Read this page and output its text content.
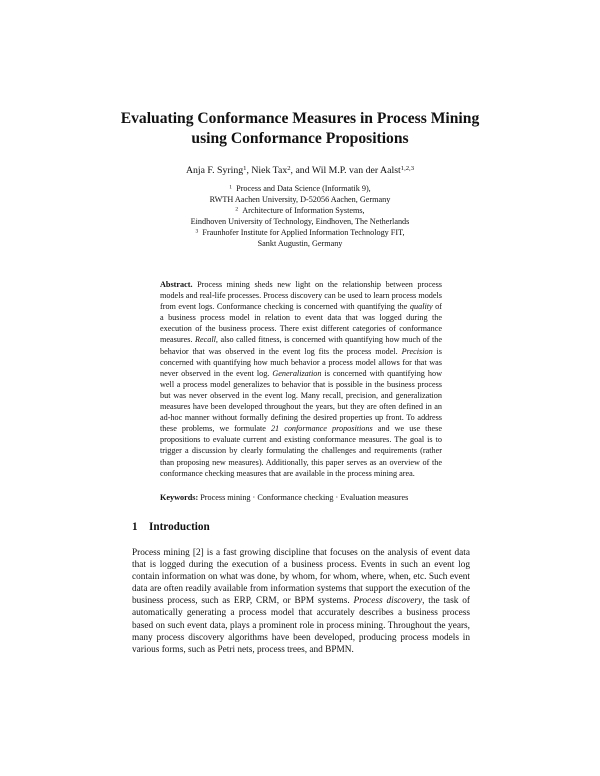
Evaluating Conformance Measures in Process Mining
using Conformance Propositions
Anja F. Syring$^1$, Niek Tax$^2$, and Wil M.P. van der Aalst$^{1,2,3}$
$^1$ Process and Data Science (Informatik 9),
RWTH Aachen University, D-52056 Aachen, Germany
$^2$ Architecture of Information Systems,
Eindhoven University of Technology, Eindhoven, The Netherlands
$^3$ Fraunhofer Institute for Applied Information Technology FIT,
Sankt Augustin, Germany
Abstract. Process mining sheds new light on the relationship between process models and real-life processes. Process discovery can be used to learn process models from event logs. Conformance checking is concerned with quantifying the quality of a business process model in relation to event data that was logged during the execution of the business process. There exist different categories of conformance measures. Recall, also called fitness, is concerned with quantifying how much of the behavior that was observed in the event log fits the process model. Precision is concerned with quantifying how much behavior a process model allows for that was never observed in the event log. Generalization is concerned with quantifying how well a process model generalizes to behavior that is possible in the business process but was never observed in the event log. Many recall, precision, and generalization measures have been developed throughout the years, but they are often defined in an ad-hoc manner without formally defining the desired properties up front. To address these problems, we formulate 21 conformance propositions and we use these propositions to evaluate current and existing conformance measures. The goal is to trigger a discussion by clearly formulating the challenges and requirements (rather than proposing new measures). Additionally, this paper serves as an overview of the conformance checking measures that are available in the process mining area.
Keywords: Process mining · Conformance checking · Evaluation measures
1 Introduction
Process mining [2] is a fast growing discipline that focuses on the analysis of event data that is logged during the execution of a business process. Events in such an event log contain information on what was done, by whom, for whom, where, when, etc. Such event data are often readily available from information systems that support the execution of the business process, such as ERP, CRM, or BPM systems. Process discovery, the task of automatically generating a process model that accurately describes a business process based on such event data, plays a prominent role in process mining. Throughout the years, many process discovery algorithms have been developed, producing process models in various forms, such as Petri nets, process trees, and BPMN.
